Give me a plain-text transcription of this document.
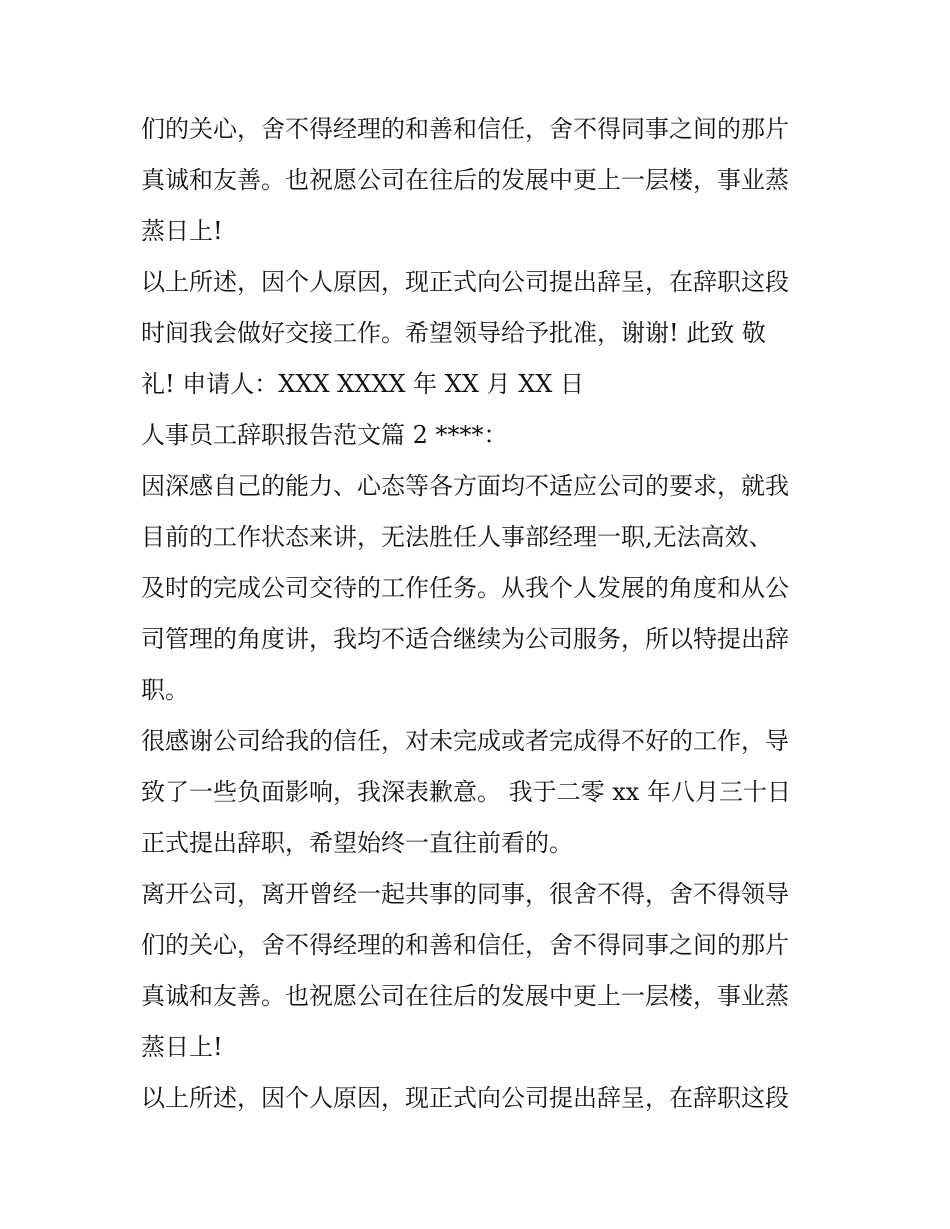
们的关心，舍不得经理的和善和信任，舍不得同事之间的那片
真诚和友善。也祝愿公司在往后的发展中更上一层楼，事业蒸
蒸日上!
以上所述，因个人原因，现正式向公司提出辞呈，在辞职这段
时间我会做好交接工作。希望领导给予批准，谢谢! 此致 敬
礼! 申请人：XXX XXXX 年 XX 月 XX 日
人事员工辞职报告范文篇 2 ****：
因深感自己的能力、心态等各方面均不适应公司的要求，就我
目前的工作状态来讲，无法胜任人事部经理一职,无法高效、
及时的完成公司交待的工作任务。从我个人发展的角度和从公
司管理的角度讲，我均不适合继续为公司服务，所以特提出辞
职。
很感谢公司给我的信任，对未完成或者完成得不好的工作，导
致了一些负面影响，我深表歉意。 我于二零 xx 年八月三十日
正式提出辞职，希望始终一直往前看的。
离开公司，离开曾经一起共事的同事，很舍不得，舍不得领导
们的关心，舍不得经理的和善和信任，舍不得同事之间的那片
真诚和友善。也祝愿公司在往后的发展中更上一层楼，事业蒸
蒸日上!
以上所述，因个人原因，现正式向公司提出辞呈，在辞职这段
